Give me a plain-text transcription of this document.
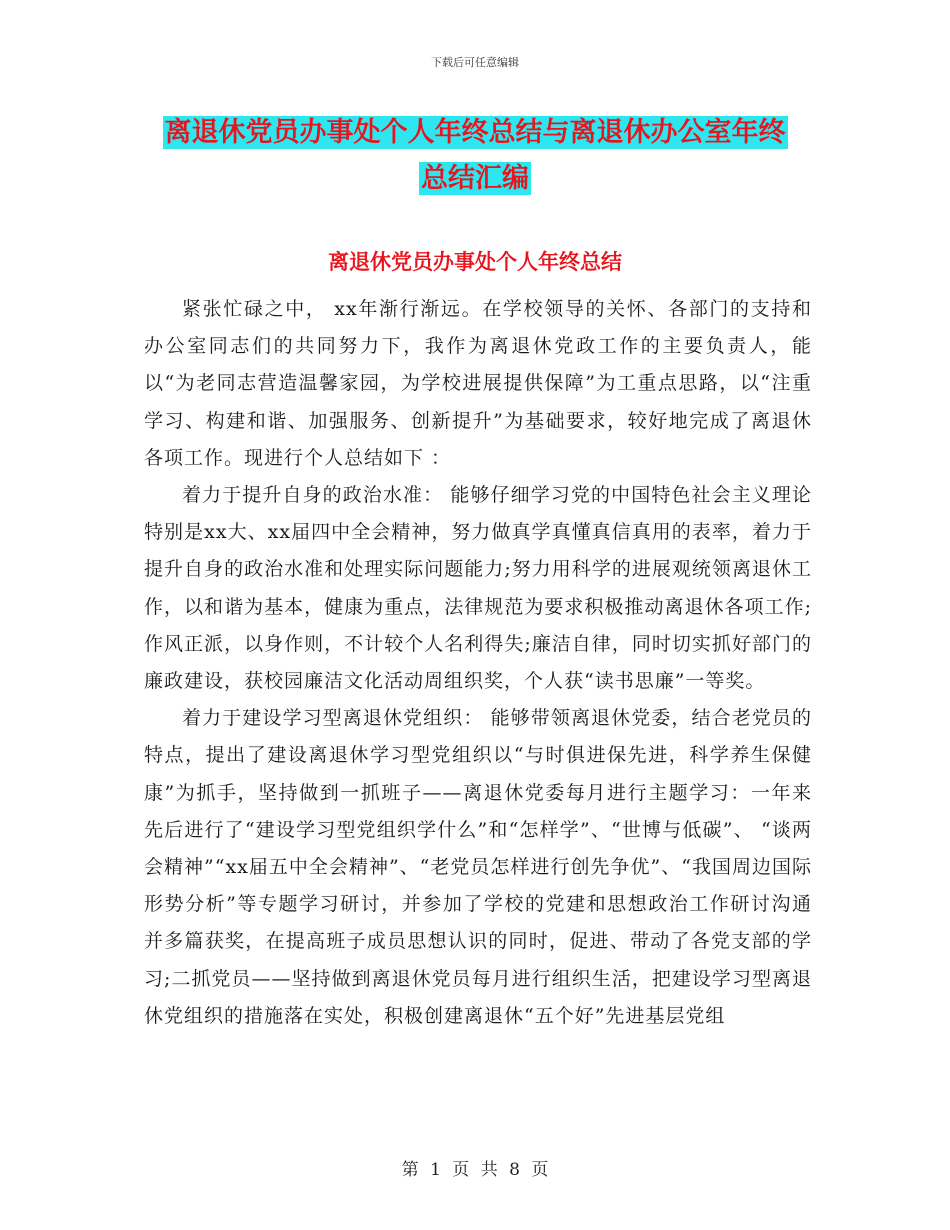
下载后可任意编辑
离退休党员办事处个人年终总结与离退休办公室年终
总结汇编
离退休党员办事处个人年终总结

紧张忙碌之中， xx年渐行渐远。在学校领导的关怀、各部门的支持和办公室同志们的共同努力下，我作为离退休党政工作的主要负责人，能以“为老同志营造温馨家园，为学校进展提供保障”为工重点思路，以“注重学习、构建和谐、加强服务、创新提升”为基础要求，较好地完成了离退休各项工作。现进行个人总结如下 ：

着力于提升自身的政治水准： 能够仔细学习党的中国特色社会主义理论特别是xx大、xx届四中全会精神，努力做真学真懂真信真用的表率，着力于提升自身的政治水准和处理实际问题能力;努力用科学的进展观统领离退休工作，以和谐为基本，健康为重点，法律规范为要求积极推动离退休各项工作;作风正派，以身作则，不计较个人名利得失;廉洁自律，同时切实抓好部门的廉政建设，获校园廉洁文化活动周组织奖，个人获“读书思廉”一等奖。

着力于建设学习型离退休党组织： 能够带领离退休党委，结合老党员的特点，提出了建设离退休学习型党组织以“与时俱进保先进，科学养生保健康”为抓手，坚持做到一抓班子——离退休党委每月进行主题学习：一年来先后进行了“建设学习型党组织学什么”和“怎样学”、“世博与低碳”、 “谈两会精神”“xx届五中全会精神”、“老党员怎样进行创先争优”、“我国周边国际形势分析”等专题学习研讨，并参加了学校的党建和思想政治工作研讨沟通并多篇获奖，在提高班子成员思想认识的同时，促进、带动了各党支部的学习;二抓党员——坚持做到离退休党员每月进行组织生活，把建设学习型离退休党组织的措施落在实处，积极创建离退休“五个好”先进基层党组

第 1 页 共 8 页
